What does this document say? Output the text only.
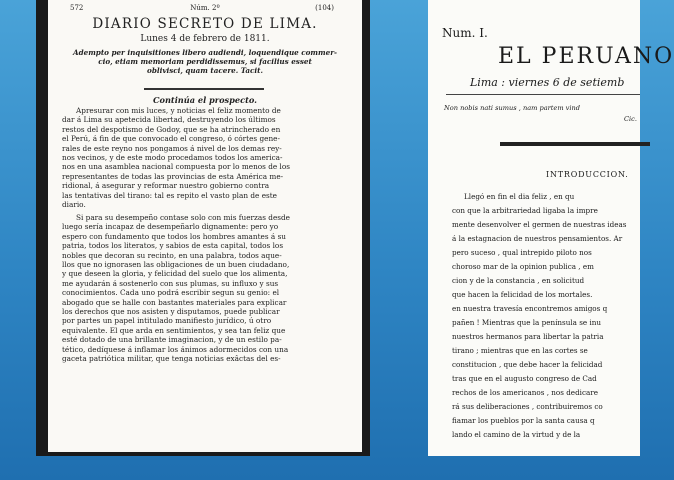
572	Núm. 2º	(104)
DIARIO SECRETO DE LIMA.
Lunes 4 de febrero de 1811.
Adempto per inquisitiones libero audiendi, loquendique commer-
cio, etiam memoriam perdidissemus, si facilius esset
oblivisci, quam tacere. Tacit.
Continúa el prospecto.
Apresurar con mis luces, y noticias el feliz momento de
dar á Lima su apetecida libertad, destruyendo los últimos
restos del despotismo de Godoy, que se ha atrincherado en
el Perú, á fin de que convocado el congreso, ó córtes gene-
rales de este reyno nos pongamos á nivel de los demas rey-
nos vecinos, y de este modo procedamos todos los america-
nos en una asamblea nacional compuesta por lo menos de los
representantes de todas las provincias de esta América me-
ridional, á asegurar y reformar nuestro gobierno contra
las tentativas del tirano: tal es repito el vasto plan de este
diario.
Si para su desempeño contase solo con mis fuerzas desde
luego sería incapaz de desempeñarlo dignamente: pero yo
espero con fundamento que todos los hombres amantes á su
patria, todos los literatos, y sabios de esta capital, todos los
nobles que decoran su recinto, en una palabra, todos aque-
llos que no ignorasen las obligaciones de un buen ciudadano,
y que deseen la gloria, y felicidad del suelo que los alimenta,
me ayudarán á sostenerlo con sus plumas, su influxo y sus
conocimientos. Cada uno podrá escribir segun su genio: el
abogado que se halle con bastantes materiales para explicar
los derechos que nos asisten y disputamos, puede publicar
por partes un papel intitulado manifiesto jurídico, ú otro
equivalente. El que arda en sentimientos, y sea tan feliz que
esté dotado de una brillante imaginacion, y de un estilo pa-
tético, dedíquese á inflamar los ánimos adormecidos con una
gaceta patriótica militar, que tenga noticias exâctas del es-
Num. I.
EL PERUANO
Lima : viernes 6 de setiemb
Non nobis nati sumus , nam partem vind
Cic.
INTRODUCCION.
Llegó en fin el dia feliz , en qu
con que la arbitrariedad ligaba la impre
mente desenvolver el germen de nuestras ideas
á la estagnacion de nuestros pensamientos. Ar
pero suceso , qual intrepido piloto nos
choroso mar de la opinion publica , em
cion y de la constancia , en solicitud
que hacen la felicidad de los mortales.
en nuestra travesía encontremos amigos q
pañen ! Mientras que la península se inu
nuestros hermanos para libertar la patria
tirano ; mientras que en las cortes se
constitucion , que debe hacer la felicidad
tras que en el augusto congreso de Cad
rechos de los americanos , nos dedicare
rá sus deliberaciones , contribuiremos co
fiamar los pueblos por la santa causa q
lando el camino de la virtud y de la
